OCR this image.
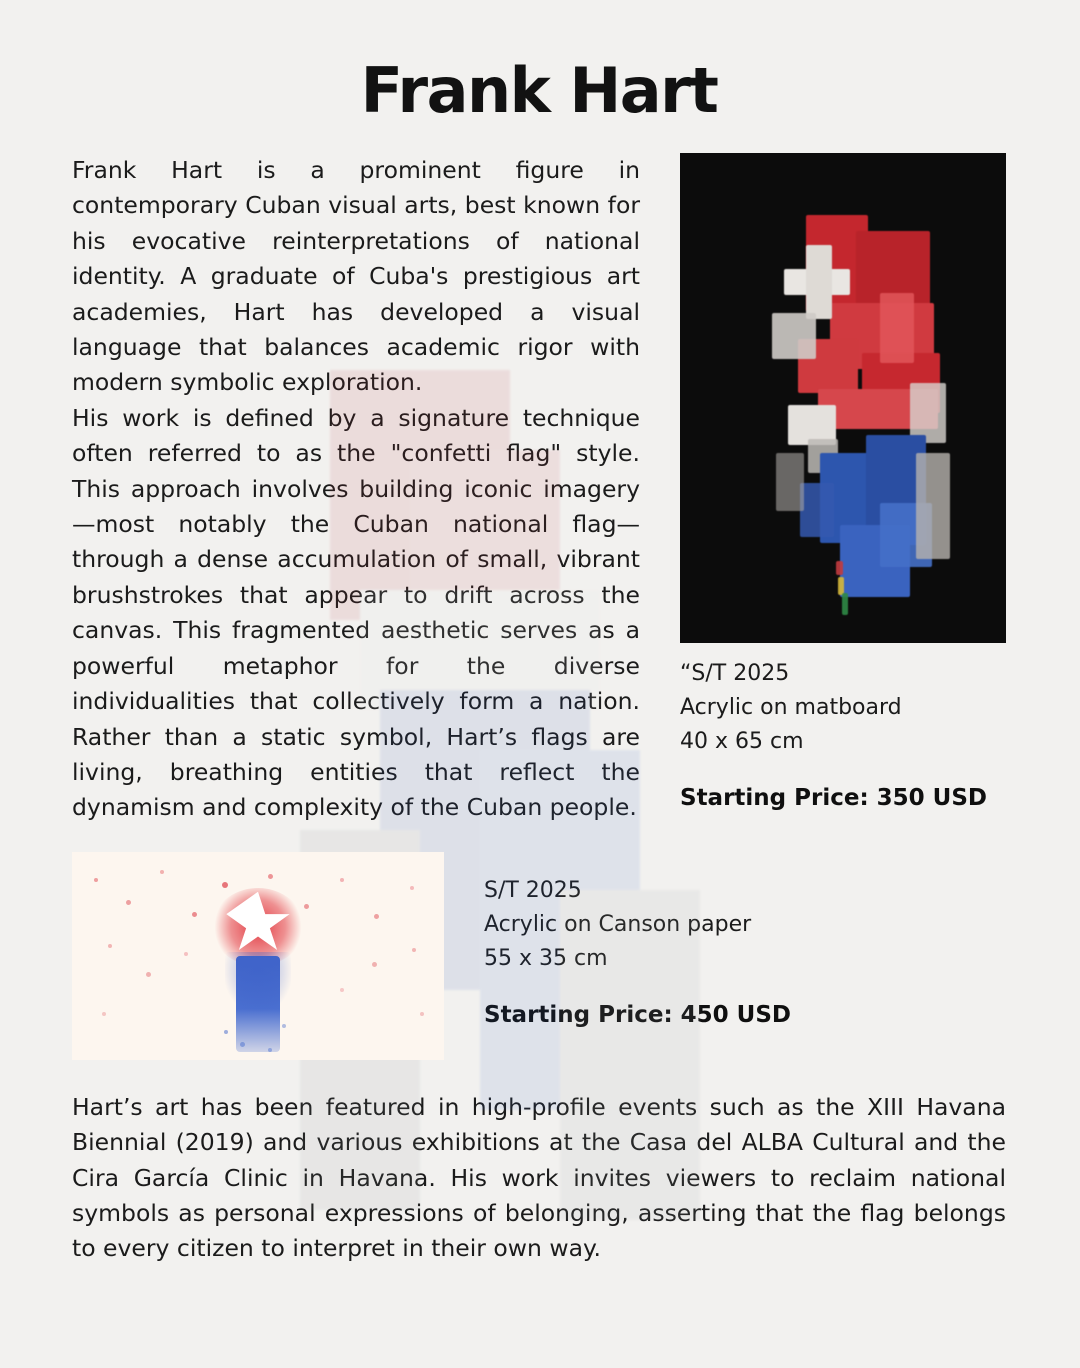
Frank Hart

Frank Hart is a prominent figure in contemporary Cuban visual arts, best known for his evocative reinterpretations of national identity. A graduate of Cuba's prestigious art academies, Hart has developed a visual language that balances academic rigor with modern symbolic exploration.

His work is defined by a signature technique often referred to as the "confetti flag" style. This approach involves building iconic imagery—most notably the Cuban national flag—through a dense accumulation of small, vibrant brushstrokes that appear to drift across the canvas. This fragmented aesthetic serves as a powerful metaphor for the diverse individualities that collectively form a nation. Rather than a static symbol, Hart’s flags are living, breathing entities that reflect the dynamism and complexity of the Cuban people.

“S/T 2025
Acrylic on matboard
40 x 65 cm
Starting Price: 350 USD
S/T 2025
Acrylic on Canson paper
55 x 35 cm
Starting Price: 450 USD

Hart’s art has been featured in high-profile events such as the XIII Havana Biennial (2019) and various exhibitions at the Casa del ALBA Cultural and the Cira García Clinic in Havana. His work invites viewers to reclaim national symbols as personal expressions of belonging, asserting that the flag belongs to every citizen to interpret in their own way.
